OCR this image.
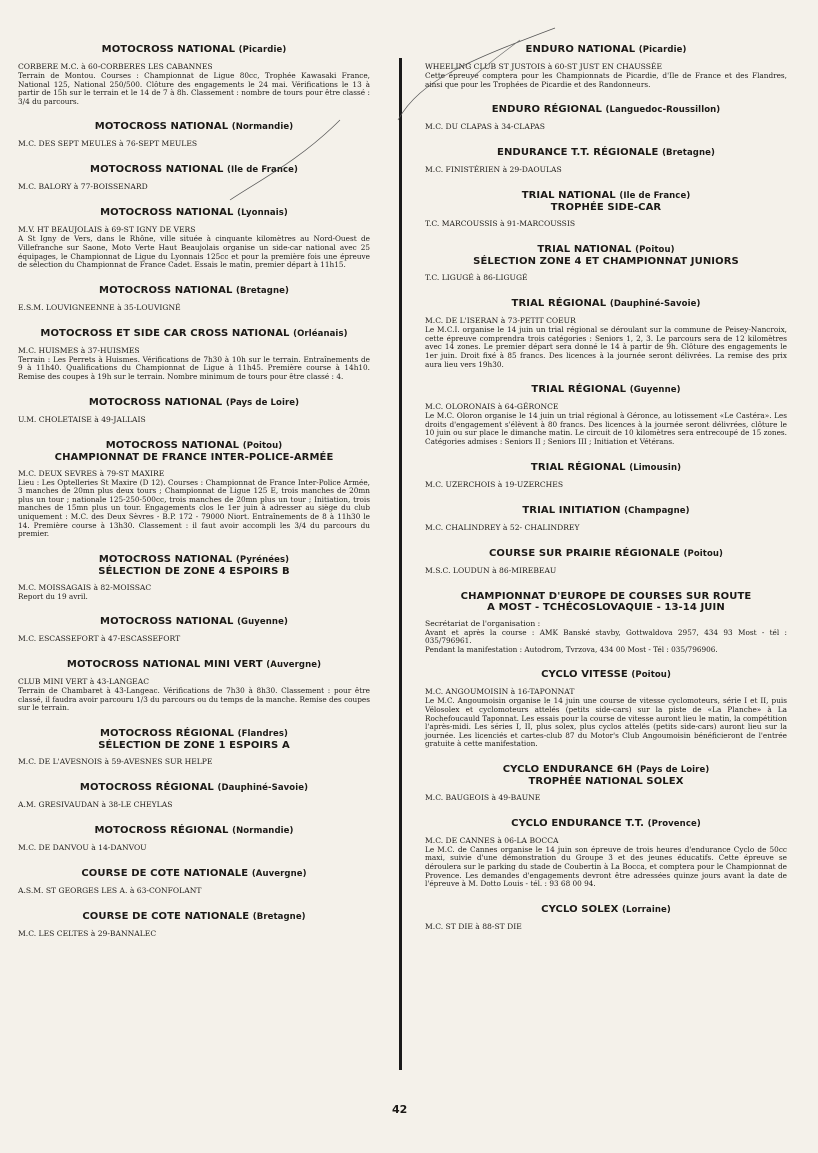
MOTOCROSS NATIONAL (Picardie)
CORBERE M.C. à 60-CORBERES LES CABANNES
Terrain de Montou. Courses : Championnat de Ligue 80cc, Trophée Kawasaki France, National 125, National 250/500. Clôture des engagements le 24 mai. Vérifications le 13 à partir de 15h sur le terrain et le 14 de 7 à 8h. Classement : nombre de tours pour être classé : 3/4 du parcours.
MOTOCROSS NATIONAL (Normandie)
M.C. DES SEPT MEULES à 76-SEPT MEULES
MOTOCROSS NATIONAL (Ile de France)
M.C. BALORY à 77-BOISSENARD
MOTOCROSS NATIONAL (Lyonnais)
M.V. HT BEAUJOLAIS à 69-ST IGNY DE VERS
A St Igny de Vers, dans le Rhône, ville située à cinquante kilomètres au Nord-Ouest de Villefranche sur Saone, Moto Verte Haut Beaujolais organise un side-car national avec 25 équipages, le Championnat de Ligue du Lyonnais 125cc et pour la première fois une épreuve de sélection du Championnat de France Cadet. Essais le matin, premier départ à 11h15.
MOTOCROSS NATIONAL (Bretagne)
E.S.M. LOUVIGNEENNE à 35-LOUVIGNÉ
MOTOCROSS ET SIDE CAR CROSS NATIONAL (Orléanais)
M.C. HUISMES à 37-HUISMES
Terrain : Les Perrets à Huismes. Vérifications de 7h30 à 10h sur le terrain. Entraînements de 9 à 11h40. Qualifications du Championnat de Ligue à 11h45. Première course à 14h10. Remise des coupes à 19h sur le terrain. Nombre minimum de tours pour être classé : 4.
MOTOCROSS NATIONAL (Pays de Loire)
U.M. CHOLETAISE à 49-JALLAIS
MOTOCROSS NATIONAL (Poitou)
CHAMPIONNAT DE FRANCE INTER-POLICE-ARMÉE
M.C. DEUX SEVRES à 79-ST MAXIRE
Lieu : Les Optelleries St Maxire (D 12). Courses : Championnat de France Inter-Police Armée, 3 manches de 20mn plus deux tours ; Championnat de Ligue 125 E, trois manches de 20mn plus un tour ; nationale 125-250-500cc, trois manches de 20mn plus un tour ; Initiation, trois manches de 15mn plus un tour. Engagements clos le 1er juin à adresser au siège du club uniquement : M.C. des Deux Sèvres - B.P. 172 - 79000 Niort. Entraînements de 8 à 11h30 le 14. Première course à 13h30. Classement : il faut avoir accompli les 3/4 du parcours du premier.
MOTOCROSS NATIONAL (Pyrénées)
SÉLECTION DE ZONE 4 ESPOIRS B
M.C. MOISSAGAIS à 82-MOISSAC
Report du 19 avril.
MOTOCROSS NATIONAL (Guyenne)
M.C. ESCASSEFORT à 47-ESCASSEFORT
MOTOCROSS NATIONAL MINI VERT (Auvergne)
CLUB MINI VERT à 43-LANGEAC
Terrain de Chambaret à 43-Langeac. Vérifications de 7h30 à 8h30. Classement : pour être classé, il faudra avoir parcouru 1/3 du parcours ou du temps de la manche. Remise des coupes sur le terrain.
MOTOCROSS RÉGIONAL (Flandres)
SÉLECTION DE ZONE 1 ESPOIRS A
M.C. DE L'AVESNOIS à 59-AVESNES SUR HELPE
MOTOCROSS RÉGIONAL (Dauphiné-Savoie)
A.M. GRESIVAUDAN à 38-LE CHEYLAS
MOTOCROSS RÉGIONAL (Normandie)
M.C. DE DANVOU à 14-DANVOU
COURSE DE COTE NATIONALE (Auvergne)
A.S.M. ST GEORGES LES A. à 63-CONFOLANT
COURSE DE COTE NATIONALE (Bretagne)
M.C. LES CELTES à 29-BANNALEC
ENDURO NATIONAL (Picardie)
WHEELING CLUB ST JUSTOIS à 60-ST JUST EN CHAUSSÉE
Cette épreuve comptera pour les Championnats de Picardie, d'Ile de France et des Flandres, ainsi que pour les Trophées de Picardie et des Randonneurs.
ENDURO RÉGIONAL (Languedoc-Roussillon)
M.C. DU CLAPAS à 34-CLAPAS
ENDURANCE T.T. RÉGIONALE (Bretagne)
M.C. FINISTÉRIEN à 29-DAOULAS
TRIAL NATIONAL (Ile de France)
TROPHÉE SIDE-CAR
T.C. MARCOUSSIS à 91-MARCOUSSIS
TRIAL NATIONAL (Poitou)
SÉLECTION ZONE 4 ET CHAMPIONNAT JUNIORS
T.C. LIGUGÉ à 86-LIGUGÉ
TRIAL RÉGIONAL (Dauphiné-Savoie)
M.C. DE L'ISERAN à 73-PETIT COEUR
Le M.C.I. organise le 14 juin un trial régional se déroulant sur la commune de Peisey-Nancroix, cette épreuve comprendra trois catégories : Seniors 1, 2, 3. Le parcours sera de 12 kilomètres avec 14 zones. Le premier départ sera donné le 14 à partir de 9h. Clôture des engagements le 1er juin. Droit fixé à 85 francs. Des licences à la journée seront délivrées. La remise des prix aura lieu vers 19h30.
TRIAL RÉGIONAL (Guyenne)
M.C. OLORONAIS à 64-GÉRONCE
Le M.C. Oloron organise le 14 juin un trial régional à Géronce, au lotissement «Le Castéra». Les droits d'engagement s'élèvent à 80 francs. Des licences à la journée seront délivrées, clôture le 10 juin ou sur place le dimanche matin. Le circuit de 10 kilomètres sera entrecoupé de 15 zones. Catégories admises : Seniors II ; Seniors III ; Initiation et Vétérans.
TRIAL RÉGIONAL (Limousin)
M.C. UZERCHOIS à 19-UZERCHES
TRIAL INITIATION (Champagne)
M.C. CHALINDREY à 52- CHALINDREY
COURSE SUR PRAIRIE RÉGIONALE (Poitou)
M.S.C. LOUDUN à 86-MIREBEAU
CHAMPIONNAT D'EUROPE DE COURSES SUR ROUTE
A MOST - TCHÉCOSLOVAQUIE - 13-14 JUIN
Secrétariat de l'organisation :
Avant et après la course : AMK Banské stavby, Gottwaldova 2957, 434 93 Most - tél : 035/796961.
Pendant la manifestation : Autodrom, Tvrzova, 434 00 Most - Tél : 035/796906.
CYCLO VITESSE (Poitou)
M.C. ANGOUMOISIN à 16-TAPONNAT
Le M.C. Angoumoisin organise le 14 juin une course de vitesse cyclomoteurs, série I et II, puis Vélosolex et cyclomoteurs attelés (petits side-cars) sur la piste de «La Planche» à La Rochefoucauld Taponnat. Les essais pour la course de vitesse auront lieu le matin, la compétition l'après-midi. Les séries I, II, plus solex, plus cyclos attelés (petits side-cars) auront lieu sur la journée. Les licenciés et cartes-club 87 du Motor's Club Angoumoisin bénéficieront de l'entrée gratuite à cette manifestation.
CYCLO ENDURANCE 6H (Pays de Loire)
TROPHÉE NATIONAL SOLEX
M.C. BAUGEOIS à 49-BAUNE
CYCLO ENDURANCE T.T. (Provence)
M.C. DE CANNES à 06-LA BOCCA
Le M.C. de Cannes organise le 14 juin son épreuve de trois heures d'endurance Cyclo de 50cc maxi, suivie d'une démonstration du Groupe 3 et des jeunes éducatifs. Cette épreuve se déroulera sur le parking du stade de Coubertin à La Bocca, et comptera pour le Championnat de Provence. Les demandes d'engagements devront être adressées quinze jours avant la date de l'épreuve à M. Dotto Louis - tél. : 93 68 00 94.
CYCLO SOLEX (Lorraine)
M.C. ST DIE à 88-ST DIE
42
